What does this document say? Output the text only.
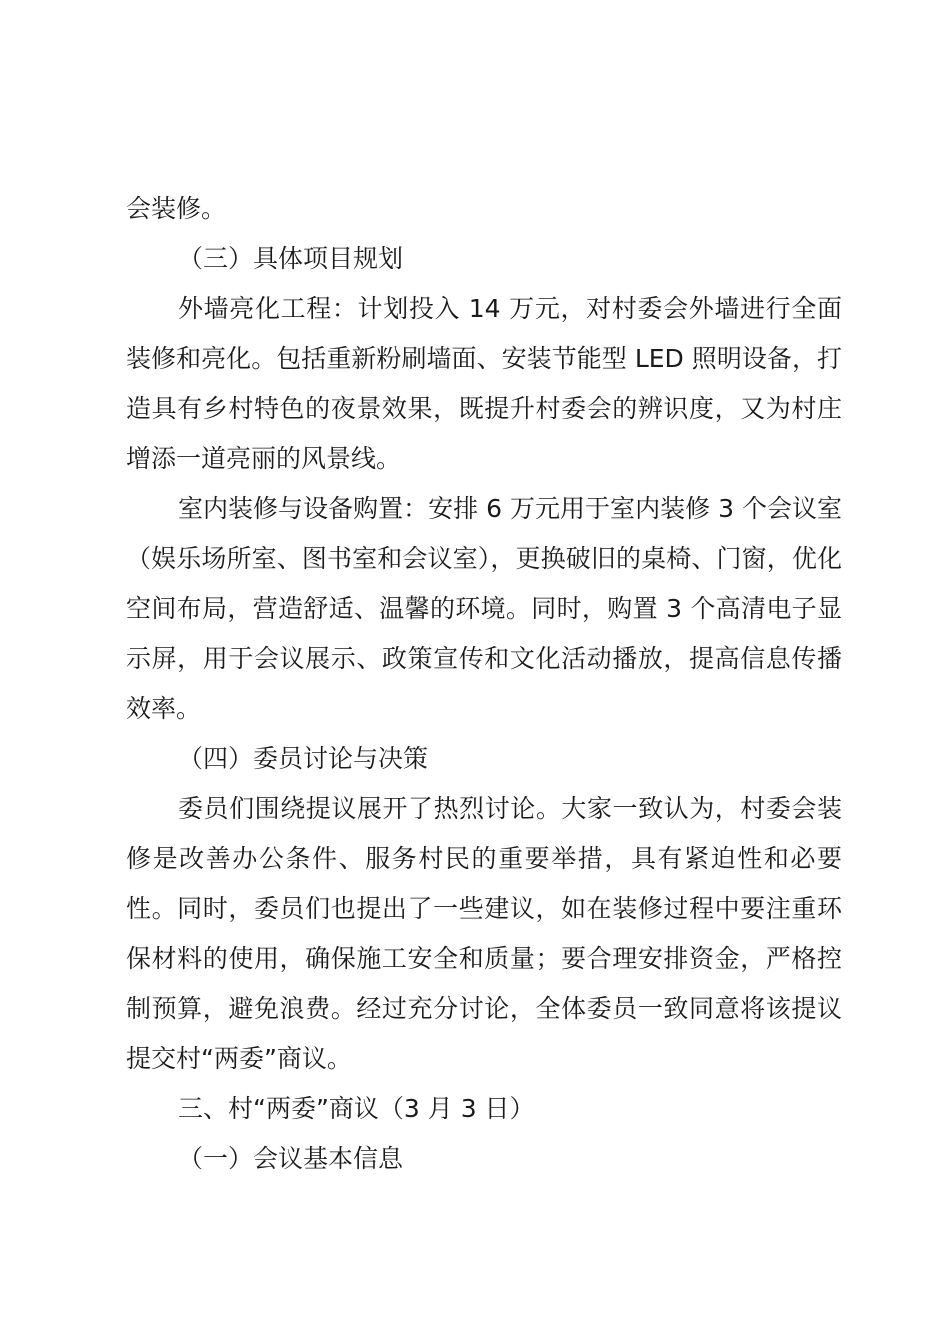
会装修。

（三）具体项目规划

外墙亮化工程：计划投入 14 万元，对村委会外墙进行全面装修和亮化。包括重新粉刷墙面、安装节能型 LED 照明设备，打造具有乡村特色的夜景效果，既提升村委会的辨识度，又为村庄增添一道亮丽的风景线。

室内装修与设备购置：安排 6 万元用于室内装修 3 个会议室（娱乐场所室、图书室和会议室），更换破旧的桌椅、门窗，优化空间布局，营造舒适、温馨的环境。同时，购置 3 个高清电子显示屏，用于会议展示、政策宣传和文化活动播放，提高信息传播效率。

（四）委员讨论与决策

委员们围绕提议展开了热烈讨论。大家一致认为，村委会装修是改善办公条件、服务村民的重要举措，具有紧迫性和必要性。同时，委员们也提出了一些建议，如在装修过程中要注重环保材料的使用，确保施工安全和质量；要合理安排资金，严格控制预算，避免浪费。经过充分讨论，全体委员一致同意将该提议提交村“两委”商议。

三、村“两委”商议（3 月 3 日）

（一）会议基本信息
